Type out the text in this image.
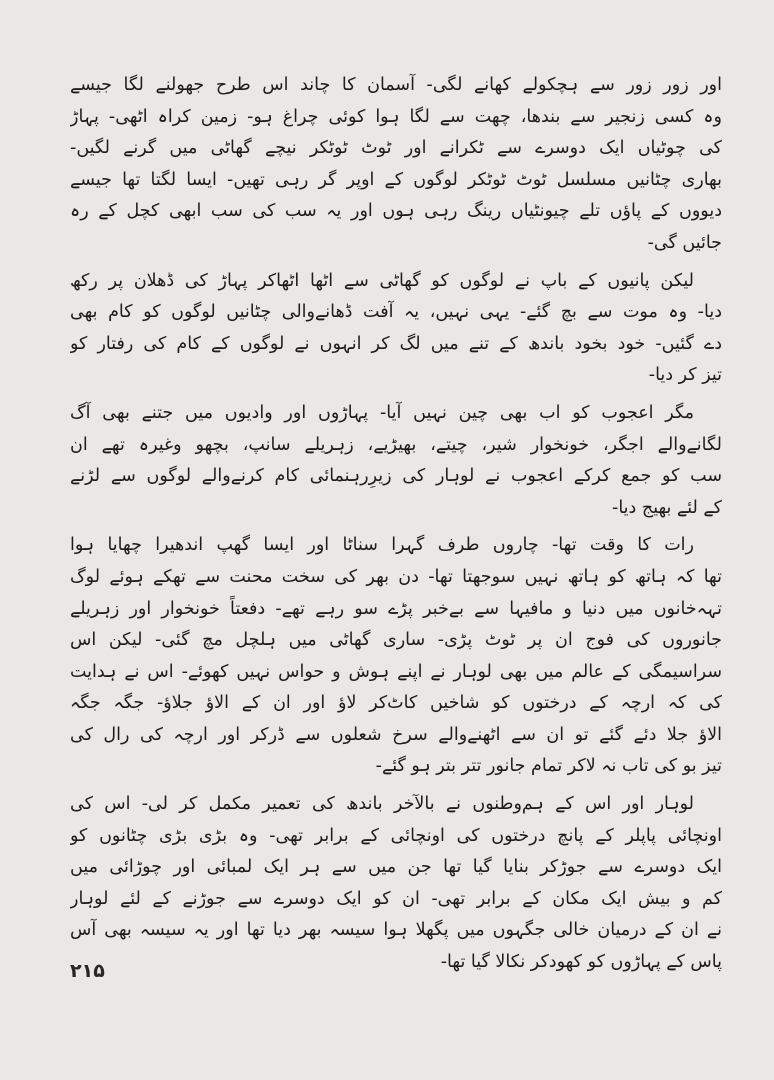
اور زور زور سے ہچکولے کھانے لگی- آسمان کا چاند اس طرح جھولنے لگا جیسے
وہ کسی زنجیر سے بندھا، چھت سے لگا ہوا کوئی چراغ ہو- زمین کراہ اٹھی- پہاڑ
کی چوٹیاں ایک دوسرے سے ٹکرانے اور ٹوٹ ٹوٹکر نیچے گھاٹی میں گرنے لگیں-
بھاری چٹانیں مسلسل ٹوٹ ٹوٹکر لوگوں کے اوپر گر رہی تھیں- ایسا لگتا تھا جیسے
دیووں کے پاؤں تلے چیونٹیاں رینگ رہی ہوں اور یہ سب کی سب ابھی کچل کے رہ
جائیں گی-
لیکن پانیوں کے باپ نے لوگوں کو گھاٹی سے اٹھا اٹھاکر پہاڑ کی ڈھلان پر رکھ
دیا- وہ موت سے بچ گئے- یہی نہیں، یہ آفت ڈھانےوالی چٹانیں لوگوں کو کام بھی
دے گئیں- خود بخود باندھ کے تنے میں لگ کر انہوں نے لوگوں کے کام کی رفتار کو
تیز کر دیا-
مگر اعجوب کو اب بھی چین نہیں آیا- پہاڑوں اور وادیوں میں جتنے بھی آگ
لگانےوالے اجگر، خونخوار شیر، چیتے، بھیڑیے، زہریلے سانپ، بچھو وغیرہ تھے ان
سب کو جمع کرکے اعجوب نے لوہار کی زیرِرہنمائی کام کرنےوالے لوگوں سے لڑنے
کے لئے بھیج دیا-
رات کا وقت تھا- چاروں طرف گہرا سناٹا اور ایسا گھپ اندھیرا چھایا ہوا
تھا کہ ہاتھ کو ہاتھ نہیں سوجھتا تھا- دن بھر کی سخت محنت سے تھکے ہوئے لوگ
تہہ‌خانوں میں دنیا و مافیہا سے بےخبر پڑے سو رہے تھے- دفعتاً خونخوار اور زہریلے
جانوروں کی فوج ان پر ٹوٹ پڑی- ساری گھاٹی میں ہلچل مچ گئی- لیکن اس
سراسیمگی کے عالم میں بھی لوہار نے اپنے ہوش و حواس نہیں کھوئے- اس نے ہدایت
کی کہ ارچہ کے درختوں کو شاخیں کاٹ‌کر لاؤ اور ان کے الاؤ جلاؤ- جگہ جگہ
الاؤ جلا دئے گئے تو ان سے اٹھنےوالے سرخ شعلوں سے ڈرکر اور ارچہ کی رال کی
تیز بو کی تاب نہ لاکر تمام جانور تتر بتر ہو گئے-
لوہار اور اس کے ہم‌وطنوں نے بالآخر باندھ کی تعمیر مکمل کر لی- اس کی
اونچائی پاپلر کے پانچ درختوں کی اونچائی کے برابر تھی- وہ بڑی بڑی چٹانوں کو
ایک دوسرے سے جوڑکر بنایا گیا تھا جن میں سے ہر ایک لمبائی اور چوڑائی میں
کم و بیش ایک مکان کے برابر تھی- ان کو ایک دوسرے سے جوڑنے کے لئے لوہار
نے ان کے درمیان خالی جگہوں میں پگھلا ہوا سیسہ بھر دیا تھا اور یہ سیسہ بھی آس
پاس کے پہاڑوں کو کھودکر نکالا گیا تھا-
۲۱۵
